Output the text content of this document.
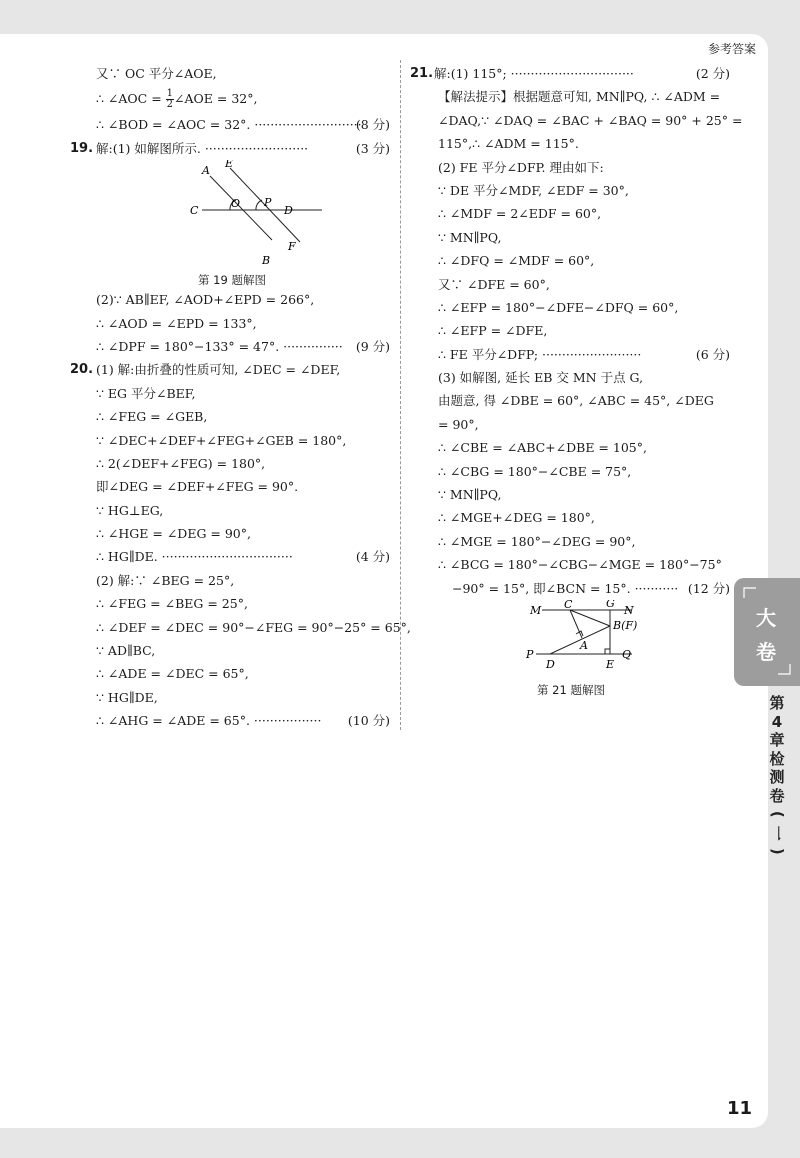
参考答案
又∵ OC 平分∠AOE,
∴ ∠AOC = $\frac{1}{2}$ ∠AOE = 32°,
∴ ∠BOD = ∠AOC = 32°. ···························
(8 分)
19. 解:(1) 如解图所示. ··························	(3 分)
A
E
C
O P
D
F
B
第 19 题解图
(2)∵ AB∥EF, ∠AOD+∠EPD = 266°,
∴ ∠AOD = ∠EPD = 133°,
∴ ∠DPF = 180°−133° = 47°. ··············· (9 分)
20. (1) 解:由折叠的性质可知, ∠DEC = ∠DEF,
∵ EG 平分∠BEF,
∴ ∠FEG = ∠GEB,
∵ ∠DEC+∠DEF+∠FEG+∠GEB = 180°,
∴ 2(∠DEF+∠FEG) = 180°,
即∠DEG = ∠DEF+∠FEG = 90°.
∵ HG⊥EG,
∴ ∠HGE = ∠DEG = 90°,
∴ HG∥DE. ·································	(4 分)
(2) 解:∵ ∠BEG = 25°,
∴ ∠FEG = ∠BEG = 25°,
∴ ∠DEF = ∠DEC = 90°−∠FEG = 90°−25° = 65°,
∵ AD∥BC,
∴ ∠ADE = ∠DEC = 65°,
∵ HG∥DE,
∴ ∠AHG = ∠ADE = 65°. ················· (10 分)
21. 解:(1) 115°; ·······························	(2 分)
【解法提示】根据题意可知, MN∥PQ, ∴ ∠ADM =
∠DAQ,∵ ∠DAQ = ∠BAC + ∠BAQ = 90° + 25° =
115°,∴ ∠ADM = 115°.
(2) FE 平分∠DFP. 理由如下:
∵ DE 平分∠MDF, ∠EDF = 30°,
∴ ∠MDF = 2∠EDF = 60°,
∵ MN∥PQ,
∴ ∠DFQ = ∠MDF = 60°,
又∵ ∠DFE = 60°,
∴ ∠EFP = 180°−∠DFE−∠DFQ = 60°,
∴ ∠EFP = ∠DFE,
∴ FE 平分∠DFP; ·························	(6 分)
(3) 如解图, 延长 EB 交 MN 于点 G,
由题意, 得 ∠DBE = 60°, ∠ABC = 45°, ∠DEG
= 90°,
∴ ∠CBE = ∠ABC+∠DBE = 105°,
∴ ∠CBG = 180°−∠CBE = 75°,
∵ MN∥PQ,
∴ ∠MGE+∠DEG = 180°,
∴ ∠MGE = 180°−∠DEG = 90°,
∴ ∠BCG = 180°−∠CBG−∠MGE = 180°−75°
−90° = 15°, 即∠BCN = 15°. ··········· (12 分)
M C	G
N
B(F)
A
P
D	E
Q
第 21 题解图
大
卷
第
4
章
检
测
卷
(
一
)
11
